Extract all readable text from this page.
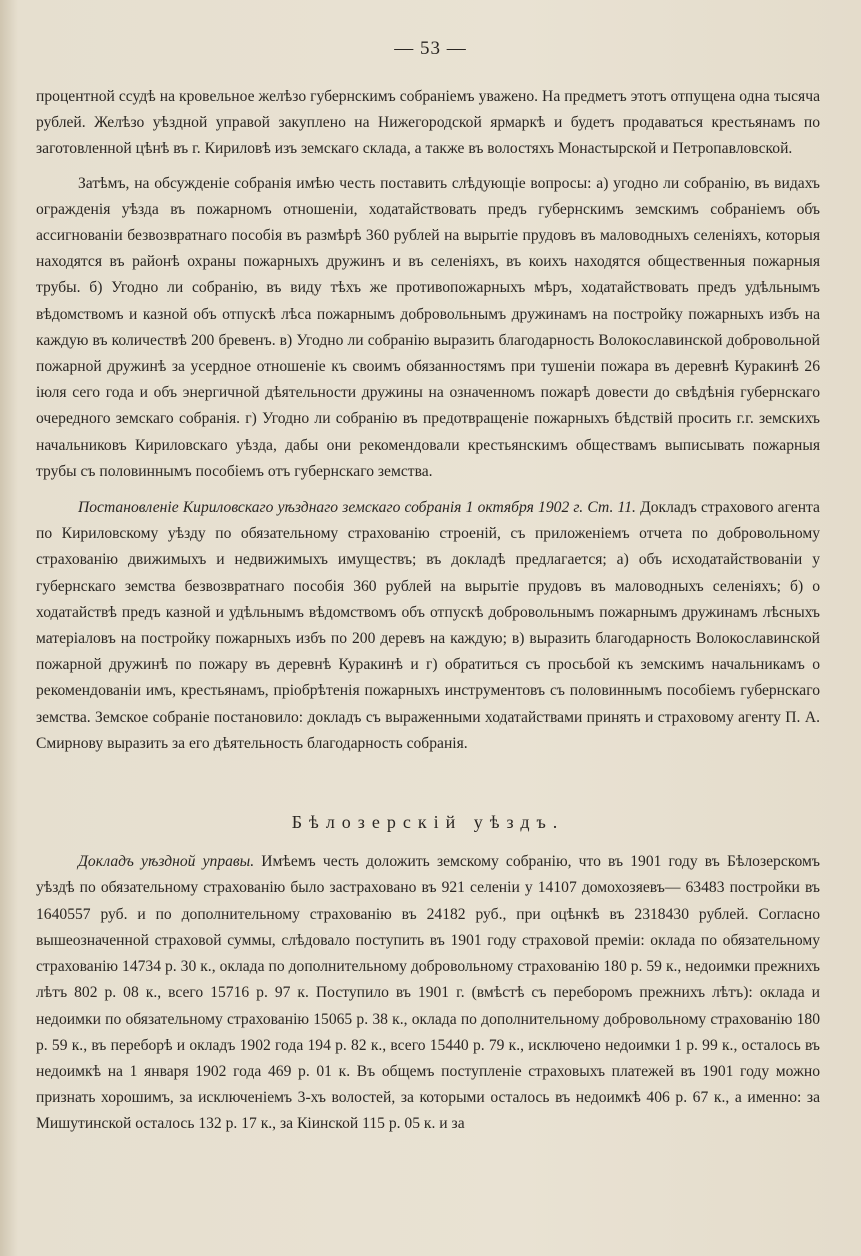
— 53 —

процентной ссудѣ на кровельное желѣзо губернскимъ собраніемъ уважено. На предметъ этотъ отпущена одна тысяча рублей. Желѣзо уѣздной управой закуплено на Нижегородской ярмаркѣ и будетъ продаваться крестьянамъ по заготовленной цѣнѣ въ г. Кириловѣ изъ земскаго склада, а также въ волостяхъ Монастырской и Петропавловской.

Затѣмъ, на обсужденіе собранія имѣю честь поставить слѣдующіе вопросы: а) угодно ли собранію, въ видахъ огражденія уѣзда въ пожарномъ отношеніи, ходатайствовать предъ губернскимъ земскимъ собраніемъ объ ассигнованіи безвозвратнаго пособія въ размѣрѣ 360 рублей на вырытіе прудовъ въ маловодныхъ селеніяхъ, которыя находятся въ районѣ охраны пожарныхъ дружинъ и въ селеніяхъ, въ коихъ находятся общественныя пожарныя трубы. б) Угодно ли собранію, въ виду тѣхъ же противопожарныхъ мѣръ, ходатайствовать предъ удѣльнымъ вѣдомствомъ и казной объ отпускѣ лѣса пожарнымъ добровольнымъ дружинамъ на постройку пожарныхъ избъ на каждую въ количествѣ 200 бревенъ. в) Угодно ли собранію выразить благодарность Волокославинской добровольной пожарной дружинѣ за усердное отношеніе къ своимъ обязанностямъ при тушеніи пожара въ деревнѣ Куракинѣ 26 іюля сего года и объ энергичной дѣятельности дружины на означенномъ пожарѣ довести до свѣдѣнія губернскаго очередного земскаго собранія. г) Угодно ли собранію въ предотвращеніе пожарныхъ бѣдствій просить г.г. земскихъ начальниковъ Кириловскаго уѣзда, дабы они рекомендовали крестьянскимъ обществамъ выписывать пожарныя трубы съ половиннымъ пособіемъ отъ губернскаго земства.

Постановленіе Кириловскаго уѣзднаго земскаго собранія 1 октября 1902 г. Ст. 11. Докладъ страхового агента по Кириловскому уѣзду по обязательному страхованію строеній, съ приложеніемъ отчета по добровольному страхованію движимыхъ и недвижимыхъ имуществъ; въ докладѣ предлагается; а) объ исходатайствованіи у губернскаго земства безвозвратнаго пособія 360 рублей на вырытіе прудовъ въ маловодныхъ селеніяхъ; б) о ходатайствѣ предъ казной и удѣльнымъ вѣдомствомъ объ отпускѣ добровольнымъ пожарнымъ дружинамъ лѣсныхъ матеріаловъ на постройку пожарныхъ избъ по 200 деревъ на каждую; в) выразить благодарность Волокославинской пожарной дружинѣ по пожару въ деревнѣ Куракинѣ и г) обратиться съ просьбой къ земскимъ начальникамъ о рекомендованіи имъ, крестьянамъ, пріобрѣтенія пожарныхъ инструментовъ съ половиннымъ пособіемъ губернскаго земства. Земское собраніе постановило: докладъ съ выраженными ходатайствами принять и страховому агенту П. А. Смирнову выразить за его дѣятельность благодарность собранія.

Бѣлозерскій уѣздъ.

Докладъ уѣздной управы. Имѣемъ честь доложить земскому собранію, что въ 1901 году въ Бѣлозерскомъ уѣздѣ по обязательному страхованію было застраховано въ 921 селеніи у 14107 домохозяевъ— 63483 постройки въ 1640557 руб. и по дополнительному страхованію въ 24182 руб., при оцѣнкѣ въ 2318430 рублей. Согласно вышеозначенной страховой суммы, слѣдовало поступить въ 1901 году страховой преміи: оклада по обязательному страхованію 14734 р. 30 к., оклада по дополнительному добровольному страхованію 180 р. 59 к., недоимки прежнихъ лѣтъ 802 р. 08 к., всего 15716 р. 97 к. Поступило въ 1901 г. (вмѣстѣ съ переборомъ прежнихъ лѣтъ): оклада и недоимки по обязательному страхованію 15065 р. 38 к., оклада по дополнительному добровольному страхованію 180 р. 59 к., въ переборѣ и окладъ 1902 года 194 р. 82 к., всего 15440 р. 79 к., исключено недоимки 1 р. 99 к., осталось въ недоимкѣ на 1 января 1902 года 469 р. 01 к. Въ общемъ поступленіе страховыхъ платежей въ 1901 году можно признать хорошимъ, за исключеніемъ 3-хъ волостей, за которыми осталось въ недоимкѣ 406 р. 67 к., а именно: за Мишутинской осталось 132 р. 17 к., за Кіинской 115 р. 05 к. и за
